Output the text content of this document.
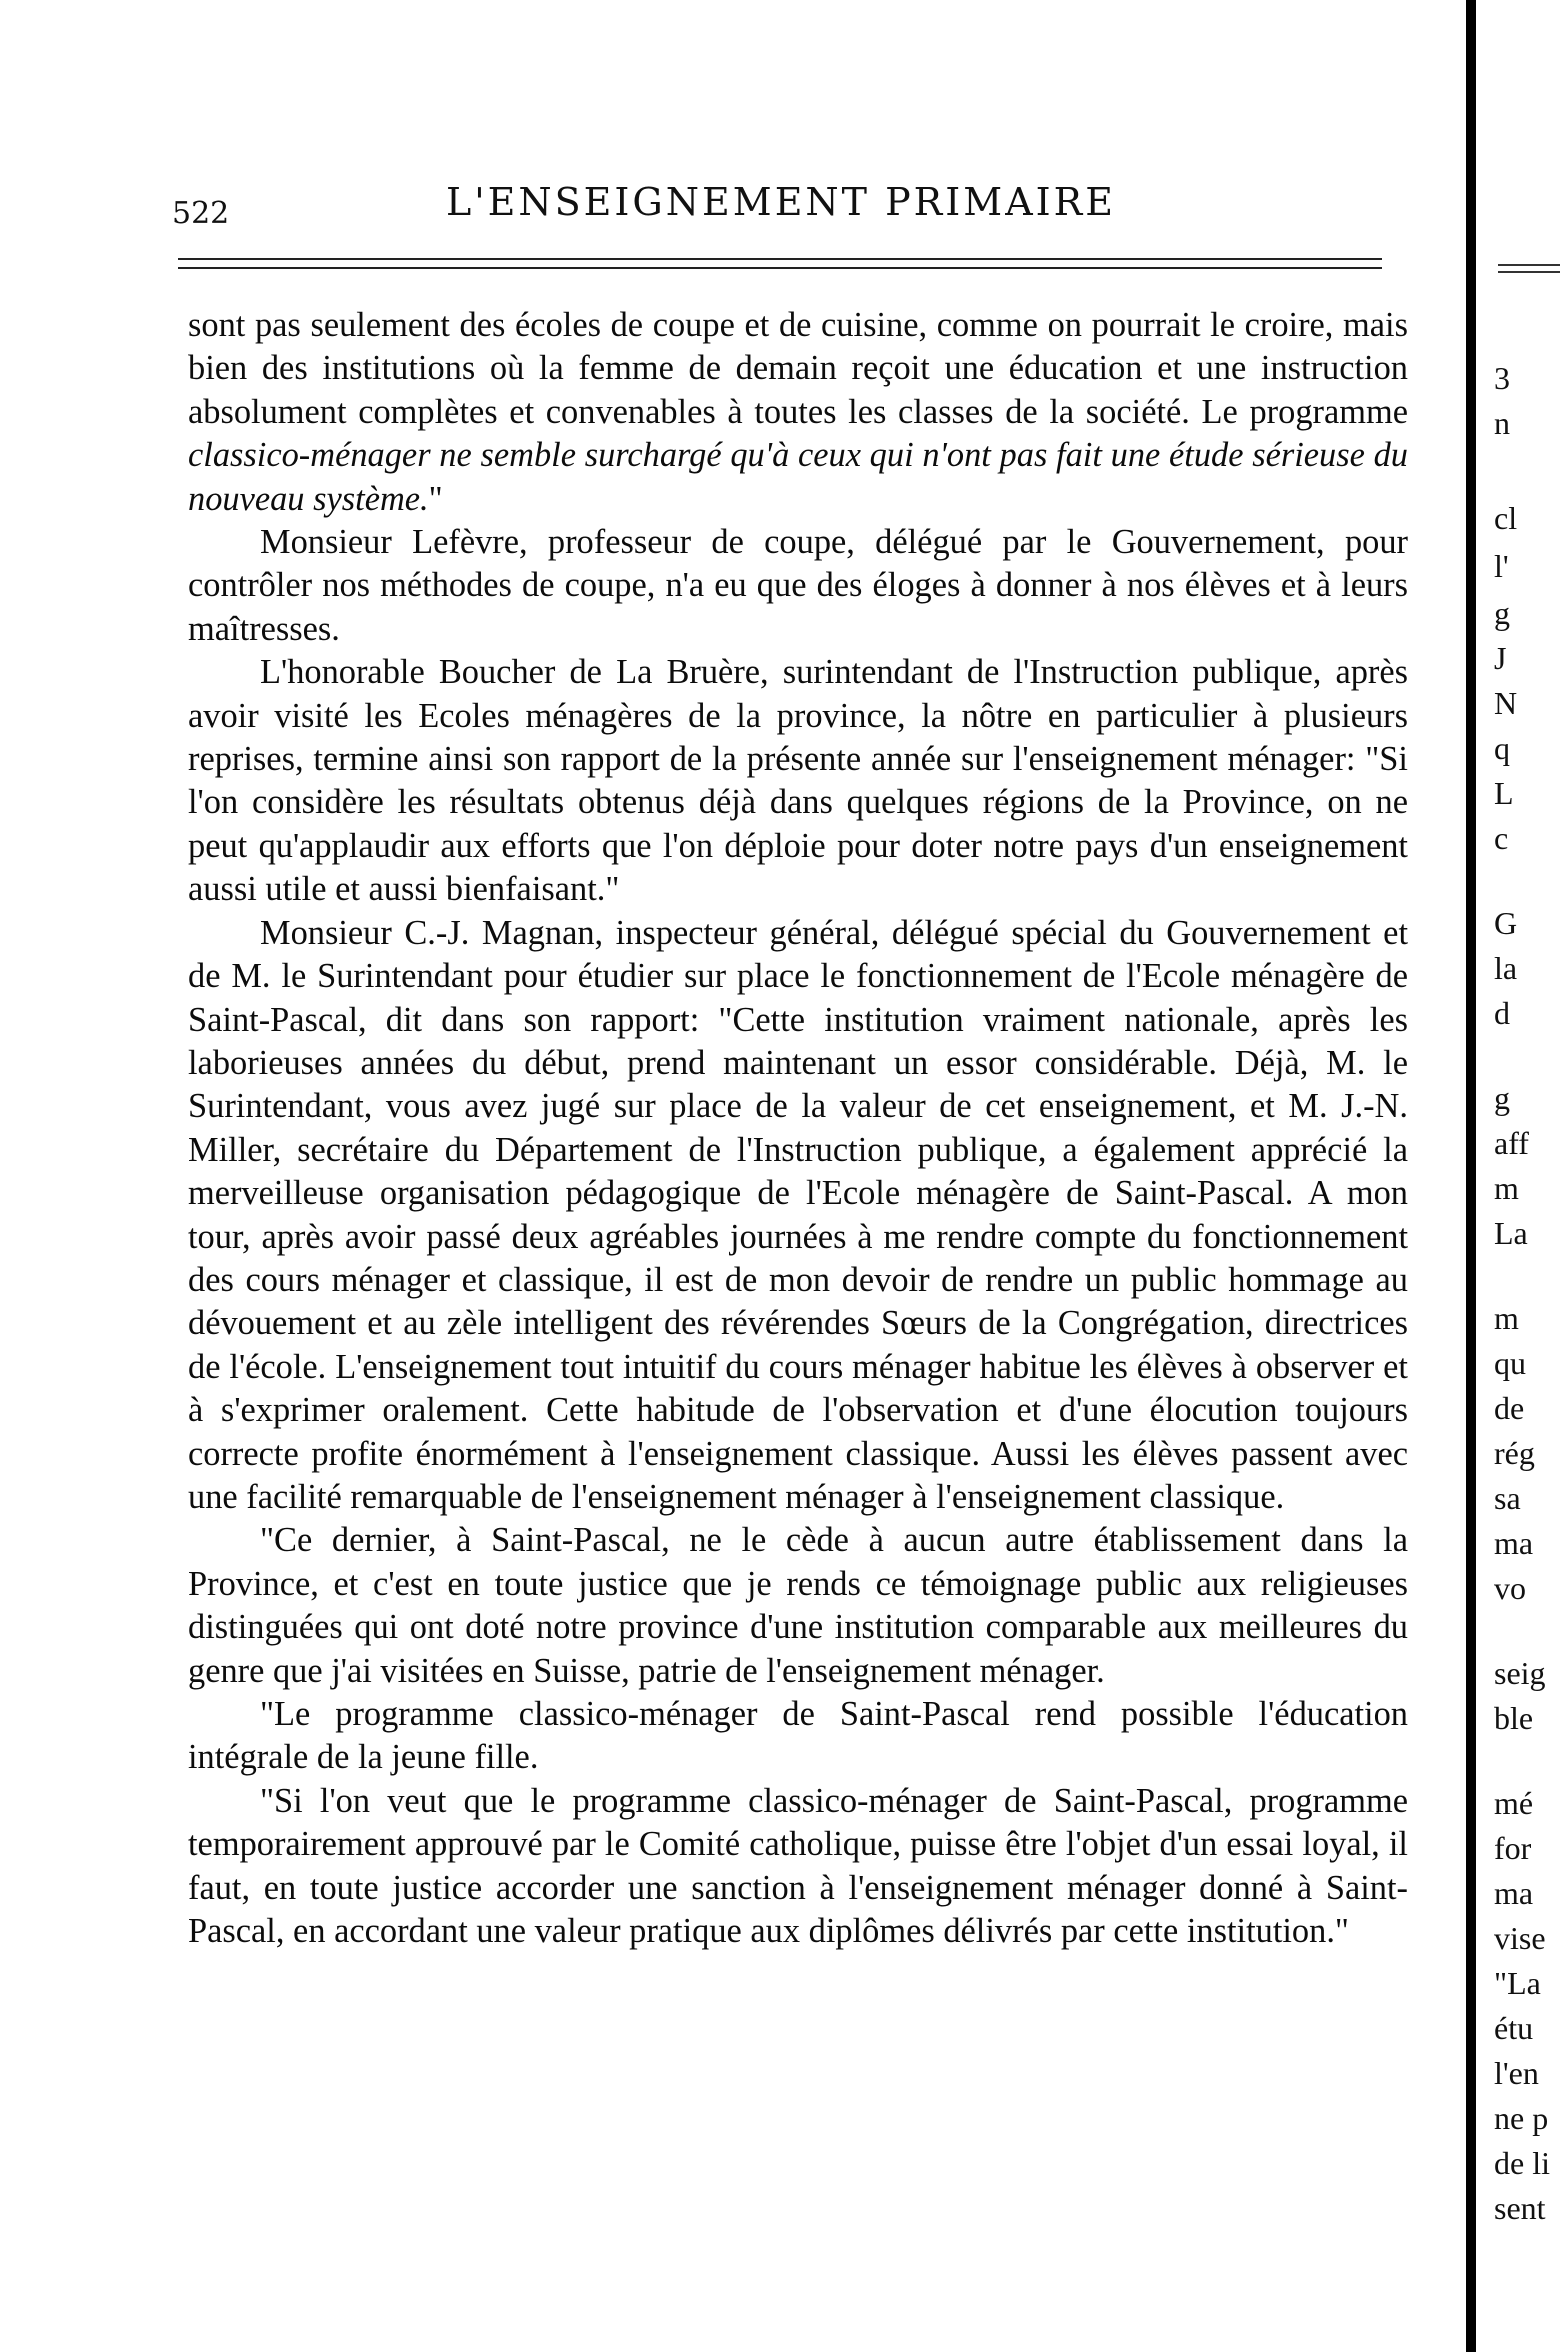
522	L'ENSEIGNEMENT PRIMAIRE

sont pas seulement des écoles de coupe et de cuisine, comme on pourrait le croire, mais bien des institutions où la femme de demain reçoit une éducation et une instruction absolument complètes et convenables à toutes les classes de la société. Le programme classico-ménager ne semble surchargé qu'à ceux qui n'ont pas fait une étude sérieuse du nouveau système."

Monsieur Lefèvre, professeur de coupe, délégué par le Gouvernement, pour contrôler nos méthodes de coupe, n'a eu que des éloges à donner à nos élèves et à leurs maîtresses.

L'honorable Boucher de La Bruère, surintendant de l'Instruction publique, après avoir visité les Ecoles ménagères de la province, la nôtre en particulier à plusieurs reprises, termine ainsi son rapport de la présente année sur l'enseignement ménager: "Si l'on considère les résultats obtenus déjà dans quelques régions de la Province, on ne peut qu'applaudir aux efforts que l'on déploie pour doter notre pays d'un enseignement aussi utile et aussi bienfaisant."

Monsieur C.-J. Magnan, inspecteur général, délégué spécial du Gouvernement et de M. le Surintendant pour étudier sur place le fonctionnement de l'Ecole ménagère de Saint-Pascal, dit dans son rapport: "Cette institution vraiment nationale, après les laborieuses années du début, prend maintenant un essor considérable. Déjà, M. le Surintendant, vous avez jugé sur place de la valeur de cet enseignement, et M. J.-N. Miller, secrétaire du Département de l'Instruction publique, a également apprécié la merveilleuse organisation pédagogique de l'Ecole ménagère de Saint-Pascal. A mon tour, après avoir passé deux agréables journées à me rendre compte du fonctionnement des cours ménager et classique, il est de mon devoir de rendre un public hommage au dévouement et au zèle intelligent des révérendes Sœurs de la Congrégation, directrices de l'école. L'enseignement tout intuitif du cours ménager habitue les élèves à observer et à s'exprimer oralement. Cette habitude de l'observation et d'une élocution toujours correcte profite énormément à l'enseignement classique. Aussi les élèves passent avec une facilité remarquable de l'enseignement ménager à l'enseignement classique.

"Ce dernier, à Saint-Pascal, ne le cède à aucun autre établissement dans la Province, et c'est en toute justice que je rends ce témoignage public aux religieuses distinguées qui ont doté notre province d'une institution comparable aux meilleures du genre que j'ai visitées en Suisse, patrie de l'enseignement ménager.

"Le programme classico-ménager de Saint-Pascal rend possible l'éducation intégrale de la jeune fille.

"Si l'on veut que le programme classico-ménager de Saint-Pascal, programme temporairement approuvé par le Comité catholique, puisse être l'objet d'un essai loyal, il faut, en toute justice accorder une sanction à l'enseignement ménager donné à Saint-Pascal, en accordant une valeur pratique aux diplômes délivrés par cette institution."

3
n
cl
l'
g
J
N
q
L
c
G
la
d
g
aff
m
La
m
qu
de
rég
sa
ma
vo
seig
ble
mé
for
ma
vise
"La
étu
l'en
ne p
de li
sent
